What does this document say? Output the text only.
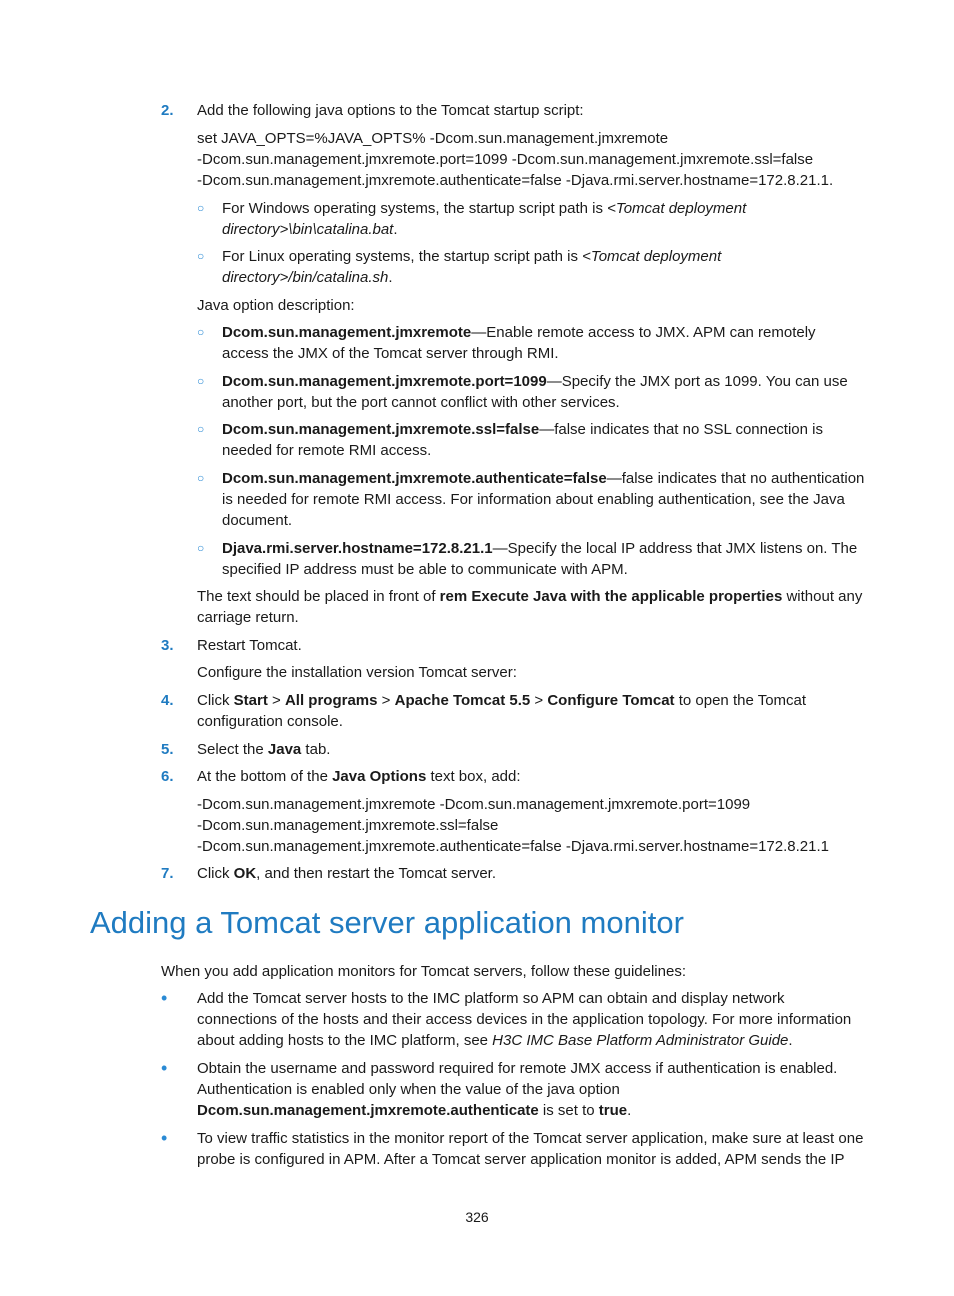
2.	Add the following java options to the Tomcat startup script:
set JAVA_OPTS=%JAVA_OPTS% -Dcom.sun.management.jmxremote
-Dcom.sun.management.jmxremote.port=1099 -Dcom.sun.management.jmxremote.ssl=false
-Dcom.sun.management.jmxremote.authenticate=false -Djava.rmi.server.hostname=172.8.21.1.
○	For Windows operating systems, the startup script path is <Tomcat deployment directory>\bin\catalina.bat.
○	For Linux operating systems, the startup script path is <Tomcat deployment directory>/bin/catalina.sh.
Java option description:
○	Dcom.sun.management.jmxremote—Enable remote access to JMX. APM can remotely access the JMX of the Tomcat server through RMI.
○	Dcom.sun.management.jmxremote.port=1099—Specify the JMX port as 1099. You can use another port, but the port cannot conflict with other services.
○	Dcom.sun.management.jmxremote.ssl=false—false indicates that no SSL connection is needed for remote RMI access.
○	Dcom.sun.management.jmxremote.authenticate=false—false indicates that no authentication is needed for remote RMI access. For information about enabling authentication, see the Java document.
○	Djava.rmi.server.hostname=172.8.21.1—Specify the local IP address that JMX listens on. The specified IP address must be able to communicate with APM.
The text should be placed in front of rem Execute Java with the applicable properties without any carriage return.
3.	Restart Tomcat.
Configure the installation version Tomcat server:
4.	Click Start > All programs > Apache Tomcat 5.5 > Configure Tomcat to open the Tomcat configuration console.
5.	Select the Java tab.
6.	At the bottom of the Java Options text box, add:
-Dcom.sun.management.jmxremote -Dcom.sun.management.jmxremote.port=1099
-Dcom.sun.management.jmxremote.ssl=false
-Dcom.sun.management.jmxremote.authenticate=false -Djava.rmi.server.hostname=172.8.21.1
7.	Click OK, and then restart the Tomcat server.
Adding a Tomcat server application monitor
When you add application monitors for Tomcat servers, follow these guidelines:
•	Add the Tomcat server hosts to the IMC platform so APM can obtain and display network connections of the hosts and their access devices in the application topology. For more information about adding hosts to the IMC platform, see H3C IMC Base Platform Administrator Guide.
•	Obtain the username and password required for remote JMX access if authentication is enabled. Authentication is enabled only when the value of the java option Dcom.sun.management.jmxremote.authenticate is set to true.
•	To view traffic statistics in the monitor report of the Tomcat server application, make sure at least one probe is configured in APM. After a Tomcat server application monitor is added, APM sends the IP
326
